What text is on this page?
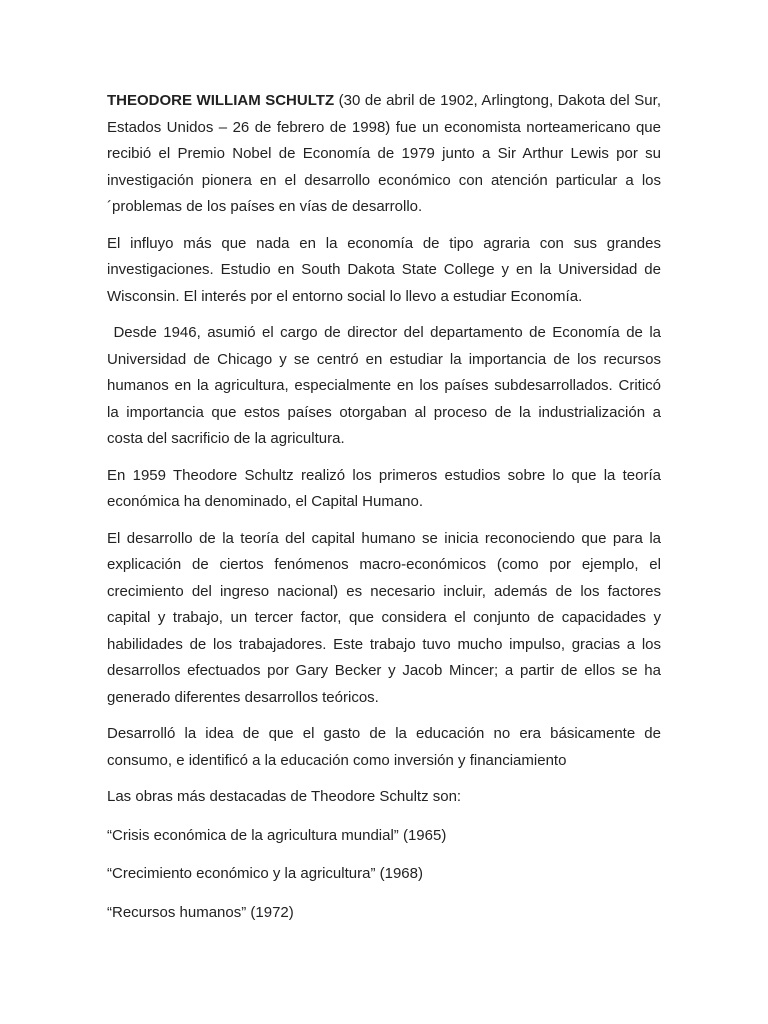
THEODORE WILLIAM SCHULTZ (30 de abril de 1902, Arlingtong, Dakota del Sur, Estados Unidos – 26 de febrero de 1998) fue un economista norteamericano que recibió el Premio Nobel de Economía de 1979 junto a Sir Arthur Lewis por su investigación pionera en el desarrollo económico con atención particular a los ´problemas de los países en vías de desarrollo.

El influyo más que nada en la economía de tipo agraria con sus grandes investigaciones. Estudio en South Dakota State College y en la Universidad de Wisconsin. El interés por el entorno social lo llevo a estudiar Economía.

Desde 1946, asumió el cargo de director del departamento de Economía de la Universidad de Chicago y se centró en estudiar la importancia de los recursos humanos en la agricultura, especialmente en los países subdesarrollados. Criticó la importancia que estos países otorgaban al proceso de la industrialización a costa del sacrificio de la agricultura.

En 1959 Theodore Schultz realizó los primeros estudios sobre lo que la teoría económica ha denominado, el Capital Humano.

El desarrollo de la teoría del capital humano se inicia reconociendo que para la explicación de ciertos fenómenos macro-económicos (como por ejemplo, el crecimiento del ingreso nacional) es necesario incluir, además de los factores capital y trabajo, un tercer factor, que considera el conjunto de capacidades y habilidades de los trabajadores. Este trabajo tuvo mucho impulso, gracias a los desarrollos efectuados por Gary Becker y Jacob Mincer; a partir de ellos se ha generado diferentes desarrollos teóricos.

Desarrolló la idea de que el gasto de la educación no era básicamente de consumo, e identificó a la educación como inversión y financiamiento

Las obras más destacadas de Theodore Schultz son:

“Crisis económica de la agricultura mundial” (1965)

“Crecimiento económico y la agricultura” (1968)

“Recursos humanos” (1972)
